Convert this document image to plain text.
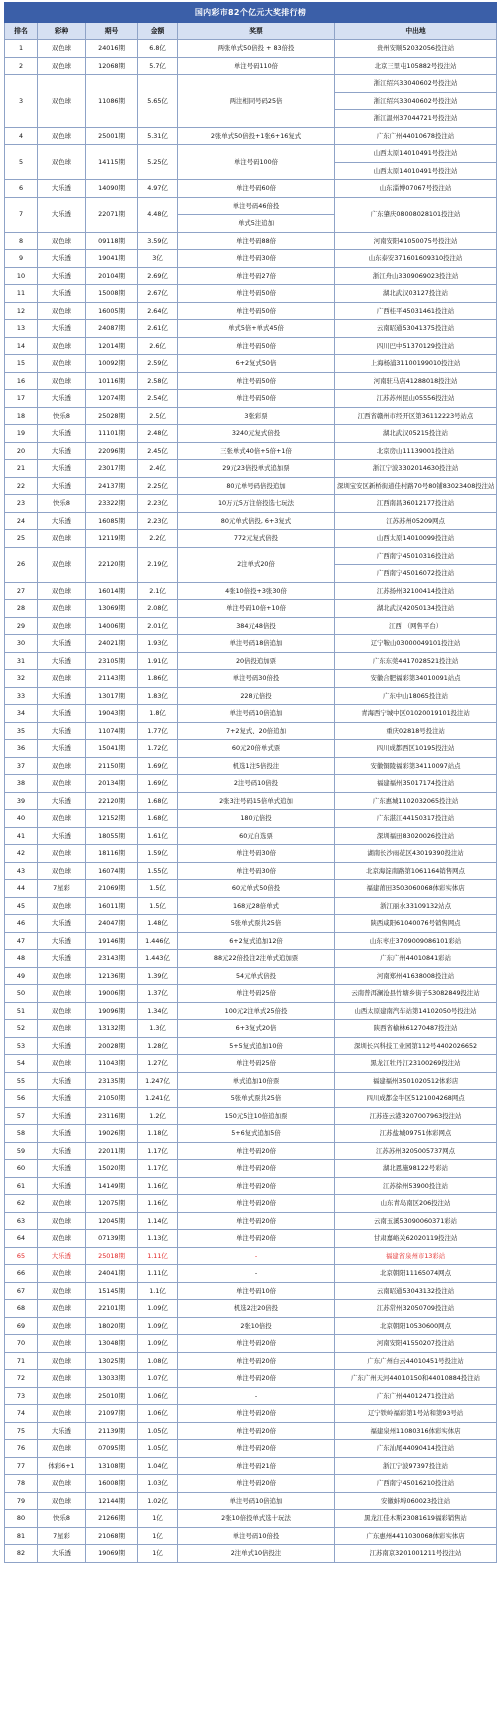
国内彩市82个亿元大奖排行榜					
排名	彩种	期号	金额	奖票	中出地
1	双色球	24016期	6.8亿	两张单式50倍投 + 83倍投	贵州安顺52032056投注站
2	双色球	12068期	5.7亿	单注号码110倍	北京三里屯105882号投注站
3	双色球	11086期	5.65亿	两注相同号码25倍	浙江绍兴33040602号投注站
					浙江绍兴33040602号投注站
					浙江温州37044721号投注站
4	双色球	25001期	5.31亿	2张单式50倍投+1张6+16复式	广东广州44010678投注站
5	双色球	14115期	5.25亿	单注号码100倍	山西太原14010491号投注站
					山西太原14010491号投注站
6	大乐透	14090期	4.97亿	单注号码60倍	山东淄博07067号投注站
7	大乐透	22071期	4.48亿	单注号码46倍投	广东肇庆08008028101投注站
				单式5注追加	
8	双色球	09118期	3.59亿	单注号码88倍	河南安阳41050075号投注站
9	大乐透	19041期	3亿	单注号码30倍	山东泰安371601609310投注站
10	大乐透	20104期	2.69亿	单注号码27倍	浙江舟山3309069023投注站
11	大乐透	15008期	2.67亿	单注号码50倍	湖北武汉03127投注站
12	双色球	16005期	2.64亿	单注号码50倍	广西桂平45031461投注站
13	大乐透	24087期	2.61亿	单式5倍+单式45倍	云南昭通53041375投注站
14	双色球	12014期	2.6亿	单注号码50倍	四川巴中51370129投注站
15	双色球	10092期	2.59亿	6+2复式50倍	上海杨浦31100199010投注站
16	双色球	10116期	2.58亿	单注号码50倍	河南驻马店41288018投注站
17	大乐透	12074期	2.54亿	单注号码50倍	江苏苏州昆山05556投注站
18	快乐8	25028期	2.5亿	3张彩票	江西省赣州市经开区第36112223号站点
19	大乐透	11101期	2.48亿	3240元复式倍投	湖北武汉05215投注站
20	大乐透	22096期	2.45亿	三张单式40倍+5倍+1倍	北京房山11139001投注站
21	大乐透	23017期	2.4亿	29元23倍投单式追加票	浙江宁波3302014630投注站
22	大乐透	24137期	2.25亿	80元单号码倍投追加	深圳宝安区新桥街道佳村路70号80铺83023408投注站
23	快乐8	23322期	2.23亿	10万元5万注倍投选七玩法	江西南昌36012177投注站
24	大乐透	16085期	2.23亿	80元单式倍投, 6+3复式	江苏苏州05209网点
25	双色球	12119期	2.2亿	772元复式倍投	山西太原14010099投注站
26	双色球	22120期	2.19亿	2注单式20倍	广西南宁45010316投注站
					广西南宁45016072投注站
27	双色球	16014期	2.1亿	4张10倍投+3张30倍	江苏扬州32100414投注站
28	双色球	13069期	2.08亿	单注号码10倍+10倍	湖北武汉42050134投注站
29	双色球	14006期	2.01亿	384元48倍投	江西 （网售平台）
30	大乐透	24021期	1.93亿	单注号码18倍追加	辽宁鞍山03000049101投注站
31	大乐透	23105期	1.91亿	20倍投追加票	广东东莞4417028521投注站
32	双色球	21143期	1.86亿	单注号码30倍投	安徽合肥福彩第34010091站点
33	大乐透	13017期	1.83亿	228元倍投	广东中山18065投注站
34	大乐透	19043期	1.8亿	单注号码10倍追加	青海西宁城中区01020019101投注站
35	大乐透	11074期	1.77亿	7+2复式、20倍追加	重庆02818号投注站
36	大乐透	15041期	1.72亿	60元20倍单式票	四川成都西区10195投注站
37	双色球	21150期	1.69亿	机选1注5倍投注	安徽铜陵福彩第34110097站点
38	双色球	20134期	1.69亿	2注号码10倍投	福建福州35017174投注站
39	大乐透	22120期	1.68亿	2张3注号码15倍单式追加	广东惠城1102032065投注站
40	双色球	12152期	1.68亿	180元倍投	广东湛江44150317投注站
41	大乐透	18055期	1.61亿	60元自选票	深圳福田83020026投注站
42	双色球	18116期	1.59亿	单注号码30倍	湖南长沙雨花区43019390投注站
43	双色球	16074期	1.55亿	单注号码30倍	北京海淀南路第1061164销售网点
44	7星彩	21069期	1.5亿	60元单式50倍投	福建莆田3503060068体彩实体店
45	双色球	16011期	1.5亿	168元28倍单式	浙江丽水33109132站点
46	大乐透	24047期	1.48亿	5张单式票共25倍	陕西咸阳61040076号销售网点
47	大乐透	19146期	1.446亿	6+2复式追加12倍	山东枣庄3709009086101彩站
48	大乐透	23143期	1.443亿	88元22倍投注2注单式追加票	广东广州44010841彩站
49	双色球	12136期	1.39亿	54元单式倍投	河南郑州41638008投注站
50	双色球	19006期	1.37亿	单注号码25倍	云南普洱澜沧县竹塘乡街子53082849投注站
51	双色球	19096期	1.34亿	100元2注单式25倍投	山西太原建南汽车站第14102050号投注站
52	双色球	13132期	1.3亿	6+3复式20倍	陕西省榆林61270487投注站
53	大乐透	20028期	1.28亿	5+5复式追加10倍	深圳长兴科技工业园第112号4402026652
54	双色球	11043期	1.27亿	单注号码25倍	黑龙江牡丹江23100269投注站
55	大乐透	23135期	1.247亿	单式追加10倍票	福建福州3501020512体彩店
56	大乐透	21050期	1.241亿	5张单式票共25倍	四川成都金牛区5121004268网点
57	大乐透	23116期	1.2亿	150元5注10倍追加票	江苏连云港3207007963投注站
58	大乐透	19026期	1.18亿	5+6复式追加5倍	江苏盐城09751体彩网点
59	大乐透	22011期	1.17亿	单注号码20倍	江苏苏州3205005737网点
60	大乐透	15020期	1.17亿	单注号码20倍	湖北恩施98122号彩站
61	大乐透	14149期	1.16亿	单注号码20倍	江苏徐州53900投注站
62	双色球	12075期	1.16亿	单注号码20倍	山东青岛南区206投注站
63	双色球	12045期	1.14亿	单注号码20倍	云南玉溪53090060371彩站
64	双色球	07139期	1.13亿	单注号码20倍	甘肃嘉峪关62020119投注站
65	大乐透	25018期	1.11亿	-	福建省泉州市13彩站
66	双色球	24041期	1.11亿	-	北京朝阳11165074网点
67	双色球	15145期	1.1亿	单注号码10倍	云南昭通53043132投注站
68	双色球	22101期	1.09亿	机选2注20倍投	江苏常州32050709投注站
69	双色球	18020期	1.09亿	2张10倍投	北京朝阳10530600网点
70	双色球	13048期	1.09亿	单注号码20倍	河南安阳41550207投注站
71	双色球	13025期	1.08亿	单注号码20倍	广东广州白云44010451号投注站
72	双色球	13033期	1.07亿	单注号码20倍	广东广州天河44010150和44010884投注站
73	双色球	25010期	1.06亿	-	广东广州44012471投注站
74	双色球	21097期	1.06亿	单注号码20倍	辽宁铁岭福彩第1号站和第93号站
75	大乐透	21139期	1.05亿	单注号码20倍	福建泉州11080316体彩实体店
76	双色球	07095期	1.05亿	单注号码20倍	广东汕尾44090414投注站
77	体彩6+1	13108期	1.04亿	单注号码21倍	浙江宁波97397投注站
78	双色球	16008期	1.03亿	单注号码20倍	广西南宁45016210投注站
79	双色球	12144期	1.02亿	单注号码10倍追加	安徽蚌埠060023投注站
80	快乐8	21266期	1亿	2张10倍投单式选十玩法	黑龙江佳木斯23081619福彩销售站
81	7星彩	21068期	1亿	单注号码10倍投	广东惠州4411030068体彩实体店
82	大乐透	19069期	1亿	2注单式10倍投注	江苏南京3201001211号投注站
